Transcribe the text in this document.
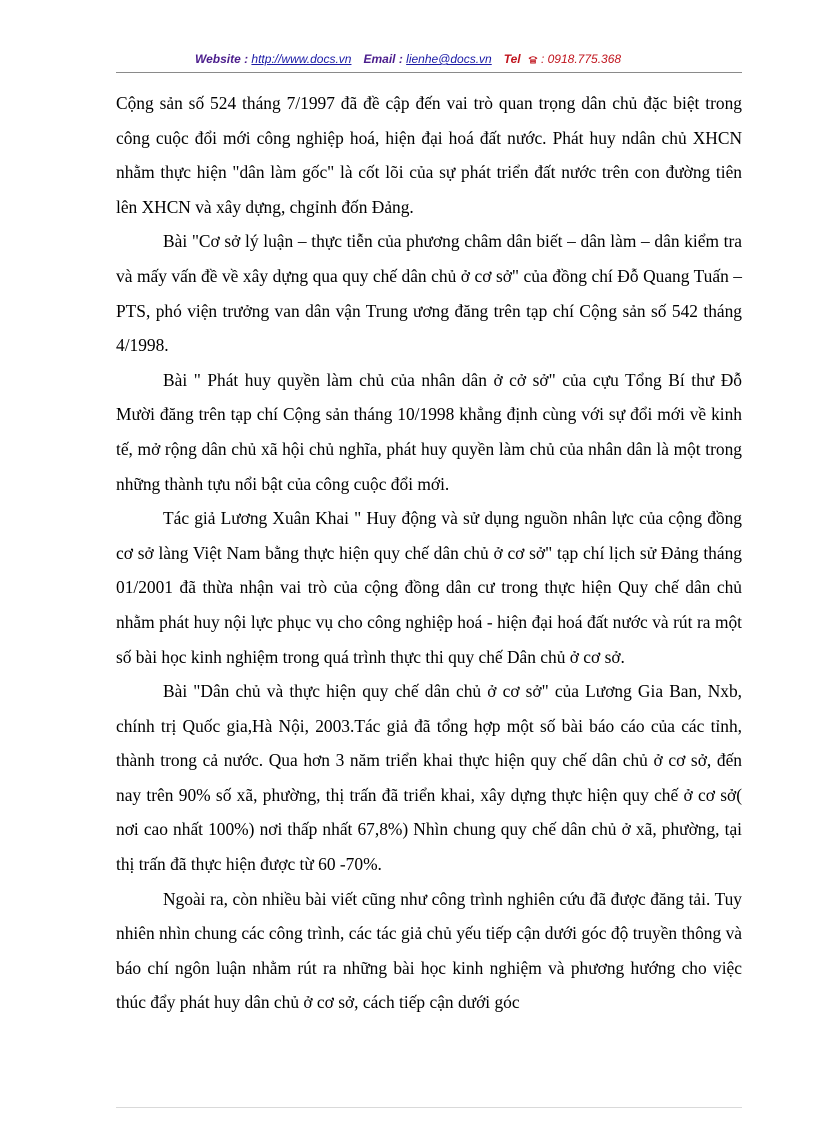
Website : http://www.docs.vn Email : lienhe@docs.vn Tel : 0918.775.368

Cộng sản số 524 tháng 7/1997 đã đề cập đến vai trò quan trọng dân chủ đặc biệt trong công cuộc đổi mới công nghiệp hoá, hiện đại hoá đất nước. Phát huy ndân chủ XHCN nhằm thực hiện "dân làm gốc" là cốt lõi của sự phát triển đất nước trên con đường tiên lên XHCN và xây dựng, chgỉnh đốn Đảng.

Bài "Cơ sở lý luận – thực tiễn của phương châm dân biết – dân làm – dân kiểm tra và mấy vấn đề về xây dựng qua quy chế dân chủ ở cơ sở" của đồng chí Đỗ Quang Tuấn – PTS, phó viện trưởng van dân vận Trung ương đăng trên tạp chí Cộng sản số 542 tháng 4/1998.

Bài " Phát huy quyền làm chủ của nhân dân ở cở sở" của cựu Tổng Bí thư Đỗ Mười đăng trên tạp chí Cộng sản tháng 10/1998 khẳng định cùng với sự đổi mới về kinh tế, mở rộng dân chủ xã hội chủ nghĩa, phát huy quyền làm chủ của nhân dân là một trong những thành tựu nổi bật của công cuộc đổi mới.

Tác giả Lương Xuân Khai " Huy động và sử dụng nguồn nhân lực của cộng đồng cơ sở làng Việt Nam bằng thực hiện quy chế dân chủ ở cơ sở" tạp chí lịch sử Đảng tháng 01/2001 đã thừa nhận vai trò của cộng đồng dân cư trong thực hiện Quy chế dân chủ nhằm phát huy nội lực phục vụ cho công nghiệp hoá - hiện đại hoá đất nước và rút ra một số bài học kinh nghiệm trong quá trình thực thi quy chế Dân chủ ở cơ sở.

Bài "Dân chủ và thực hiện quy chế dân chủ ở cơ sở" của Lương Gia Ban, Nxb, chính trị Quốc gia,Hà Nội, 2003.Tác giả đã tổng hợp một số bài báo cáo của các tỉnh, thành trong cả nước. Qua hơn 3 năm triển khai thực hiện quy chế dân chủ ở cơ sở, đến nay trên 90% số xã, phường, thị trấn đã triển khai, xây dựng thực hiện quy chế ở cơ sở( nơi cao nhất 100%) nơi thấp nhất 67,8%) Nhìn chung quy chế dân chủ ở xã, phường, tại thị trấn đã thực hiện được từ 60 -70%.

Ngoài ra, còn nhiều bài viết cũng như công trình nghiên cứu đã được đăng tải. Tuy nhiên nhìn chung các công trình, các tác giả chủ yếu tiếp cận dưới góc độ truyền thông và báo chí ngôn luận nhằm rút ra những bài học kinh nghiệm và phương hướng cho việc thúc đẩy phát huy dân chủ ở cơ sở, cách tiếp cận dưới góc
